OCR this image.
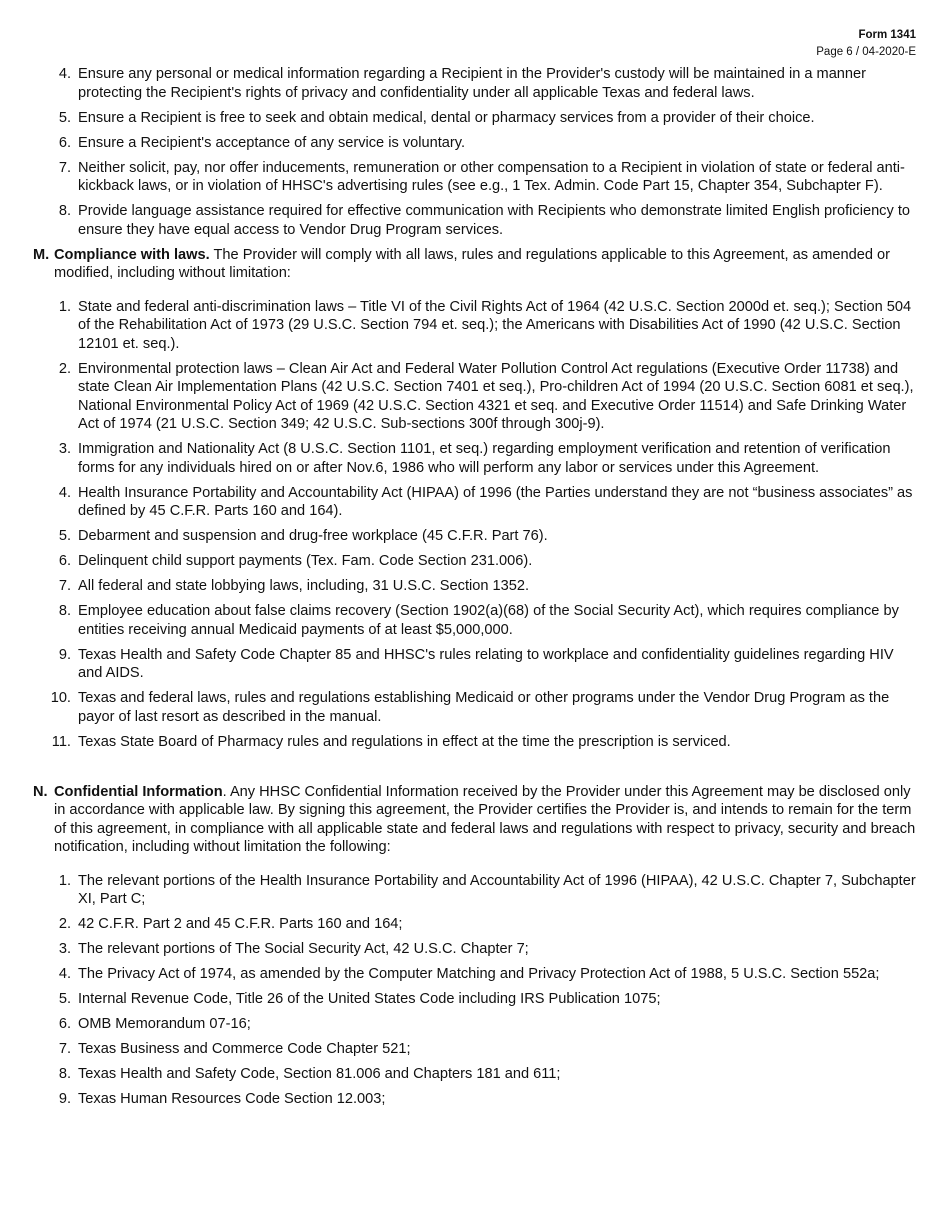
Form 1341
Page 6 / 04-2020-E
4. Ensure any personal or medical information regarding a Recipient in the Provider's custody will be maintained in a manner protecting the Recipient's rights of privacy and confidentiality under all applicable Texas and federal laws.
5. Ensure a Recipient is free to seek and obtain medical, dental or pharmacy services from a provider of their choice.
6. Ensure a Recipient's acceptance of any service is voluntary.
7. Neither solicit, pay, nor offer inducements, remuneration or other compensation to a Recipient in violation of state or federal anti-kickback laws, or in violation of HHSC's advertising rules (see e.g., 1 Tex. Admin. Code Part 15, Chapter 354, Subchapter F).
8. Provide language assistance required for effective communication with Recipients who demonstrate limited English proficiency to ensure they have equal access to Vendor Drug Program services.
M. Compliance with laws. The Provider will comply with all laws, rules and regulations applicable to this Agreement, as amended or modified, including without limitation:
1. State and federal anti-discrimination laws – Title VI of the Civil Rights Act of 1964 (42 U.S.C. Section 2000d et. seq.); Section 504 of the Rehabilitation Act of 1973 (29 U.S.C. Section 794 et. seq.); the Americans with Disabilities Act of 1990 (42 U.S.C. Section 12101 et. seq.).
2. Environmental protection laws – Clean Air Act and Federal Water Pollution Control Act regulations (Executive Order 11738) and state Clean Air Implementation Plans (42 U.S.C. Section 7401 et seq.), Pro-children Act of 1994 (20 U.S.C. Section 6081 et seq.), National Environmental Policy Act of 1969 (42 U.S.C. Section 4321 et seq. and Executive Order 11514) and Safe Drinking Water Act of 1974 (21 U.S.C. Section 349; 42 U.S.C. Sub-sections 300f through 300j-9).
3. Immigration and Nationality Act (8 U.S.C. Section 1101, et seq.) regarding employment verification and retention of verification forms for any individuals hired on or after Nov.6, 1986 who will perform any labor or services under this Agreement.
4. Health Insurance Portability and Accountability Act (HIPAA) of 1996 (the Parties understand they are not “business associates” as defined by 45 C.F.R. Parts 160 and 164).
5. Debarment and suspension and drug-free workplace (45 C.F.R. Part 76).
6. Delinquent child support payments (Tex. Fam. Code Section 231.006).
7. All federal and state lobbying laws, including, 31 U.S.C. Section 1352.
8. Employee education about false claims recovery (Section 1902(a)(68) of the Social Security Act), which requires compliance by entities receiving annual Medicaid payments of at least $5,000,000.
9. Texas Health and Safety Code Chapter 85 and HHSC's rules relating to workplace and confidentiality guidelines regarding HIV and AIDS.
10. Texas and federal laws, rules and regulations establishing Medicaid or other programs under the Vendor Drug Program as the payor of last resort as described in the manual.
11. Texas State Board of Pharmacy rules and regulations in effect at the time the prescription is serviced.
N. Confidential Information. Any HHSC Confidential Information received by the Provider under this Agreement may be disclosed only in accordance with applicable law. By signing this agreement, the Provider certifies the Provider is, and intends to remain for the term of this agreement, in compliance with all applicable state and federal laws and regulations with respect to privacy, security and breach notification, including without limitation the following:
1. The relevant portions of the Health Insurance Portability and Accountability Act of 1996 (HIPAA), 42 U.S.C. Chapter 7, Subchapter XI, Part C;
2. 42 C.F.R. Part 2 and 45 C.F.R. Parts 160 and 164;
3. The relevant portions of The Social Security Act, 42 U.S.C. Chapter 7;
4. The Privacy Act of 1974, as amended by the Computer Matching and Privacy Protection Act of 1988, 5 U.S.C. Section 552a;
5. Internal Revenue Code, Title 26 of the United States Code including IRS Publication 1075;
6. OMB Memorandum 07-16;
7. Texas Business and Commerce Code Chapter 521;
8. Texas Health and Safety Code, Section 81.006 and Chapters 181 and 611;
9. Texas Human Resources Code Section 12.003;
